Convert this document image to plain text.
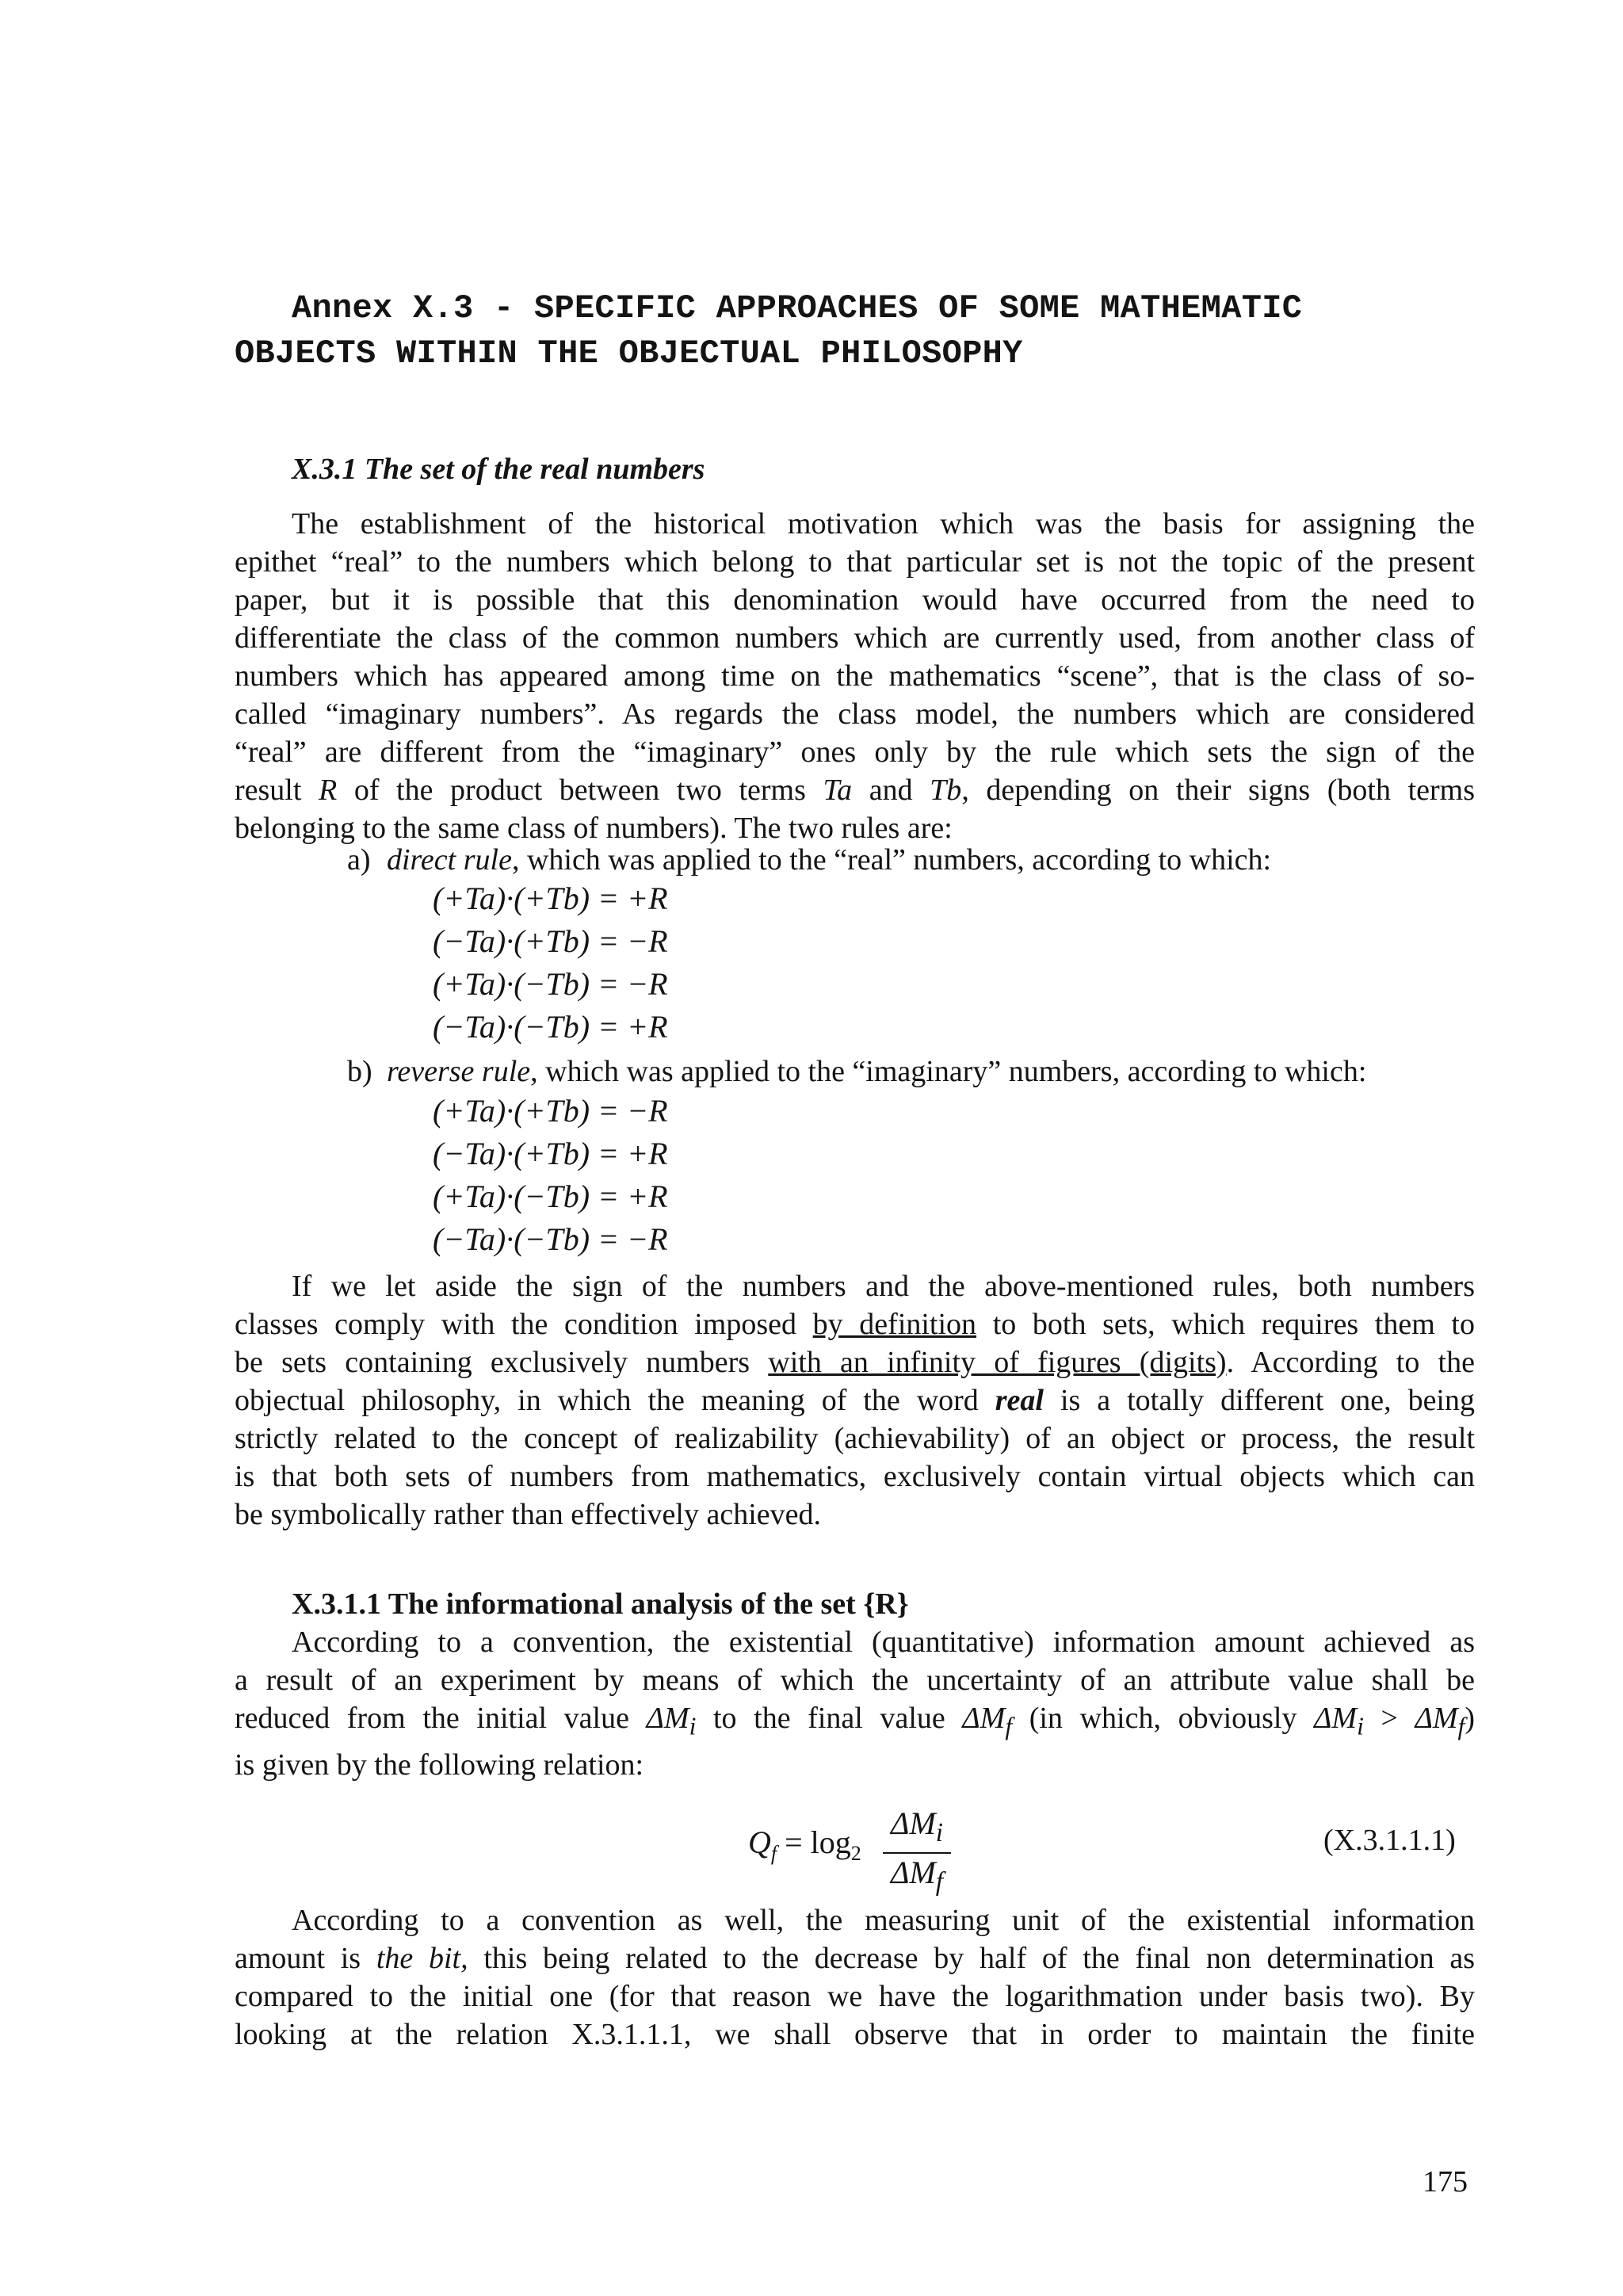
Annex X.3 - SPECIFIC APPROACHES OF SOME MATHEMATIC
OBJECTS WITHIN THE OBJECTUAL PHILOSOPHY
X.3.1 The set of the real numbers
The establishment of the historical motivation which was the basis for assigning the
epithet “real” to the numbers which belong to that particular set is not the topic of the present
paper, but it is possible that this denomination would have occurred from the need to
differentiate the class of the common numbers which are currently used, from another class of
numbers which has appeared among time on the mathematics “scene”, that is the class of so-
called “imaginary numbers”. As regards the class model, the numbers which are considered
“real” are different from the “imaginary” ones only by the rule which sets the sign of the
result R of the product between two terms Ta and Tb, depending on their signs (both terms
belonging to the same class of numbers). The two rules are:

a) direct rule, which was applied to the “real” numbers, according to which:

(+Ta)·(+Tb) = +R
(−Ta)·(+Tb) = −R
(+Ta)·(−Tb) = −R
(−Ta)·(−Tb) = +R

b) reverse rule, which was applied to the “imaginary” numbers, according to which:

(+Ta)·(+Tb) = −R
(−Ta)·(+Tb) = +R
(+Ta)·(−Tb) = +R
(−Ta)·(−Tb) = −R
If we let aside the sign of the numbers and the above-mentioned rules, both numbers
classes comply with the condition imposed by definition to both sets, which requires them to
be sets containing exclusively numbers with an infinity of figures (digits). According to the
objectual philosophy, in which the meaning of the word real is a totally different one, being
strictly related to the concept of realizability (achievability) of an object or process, the result
is that both sets of numbers from mathematics, exclusively contain virtual objects which can
be symbolically rather than effectively achieved.
X.3.1.1 The informational analysis of the set {R}
According to a convention, the existential (quantitative) information amount achieved as
a result of an experiment by means of which the uncertainty of an attribute value shall be
reduced from the initial value $\Delta M_i$ to the final value $\Delta M_f$ (in which, obviously $\Delta M_i > \Delta M_f$)
is given by the following relation:
$Q_f = \log_2$
$\Delta M_i$
$\Delta M_f$
(X.3.1.1.1)
According to a convention as well, the measuring unit of the existential information
amount is the bit, this being related to the decrease by half of the final non determination as
compared to the initial one (for that reason we have the logarithmation under basis two). By
looking at the relation X.3.1.1.1, we shall observe that in order to maintain the finite
175
